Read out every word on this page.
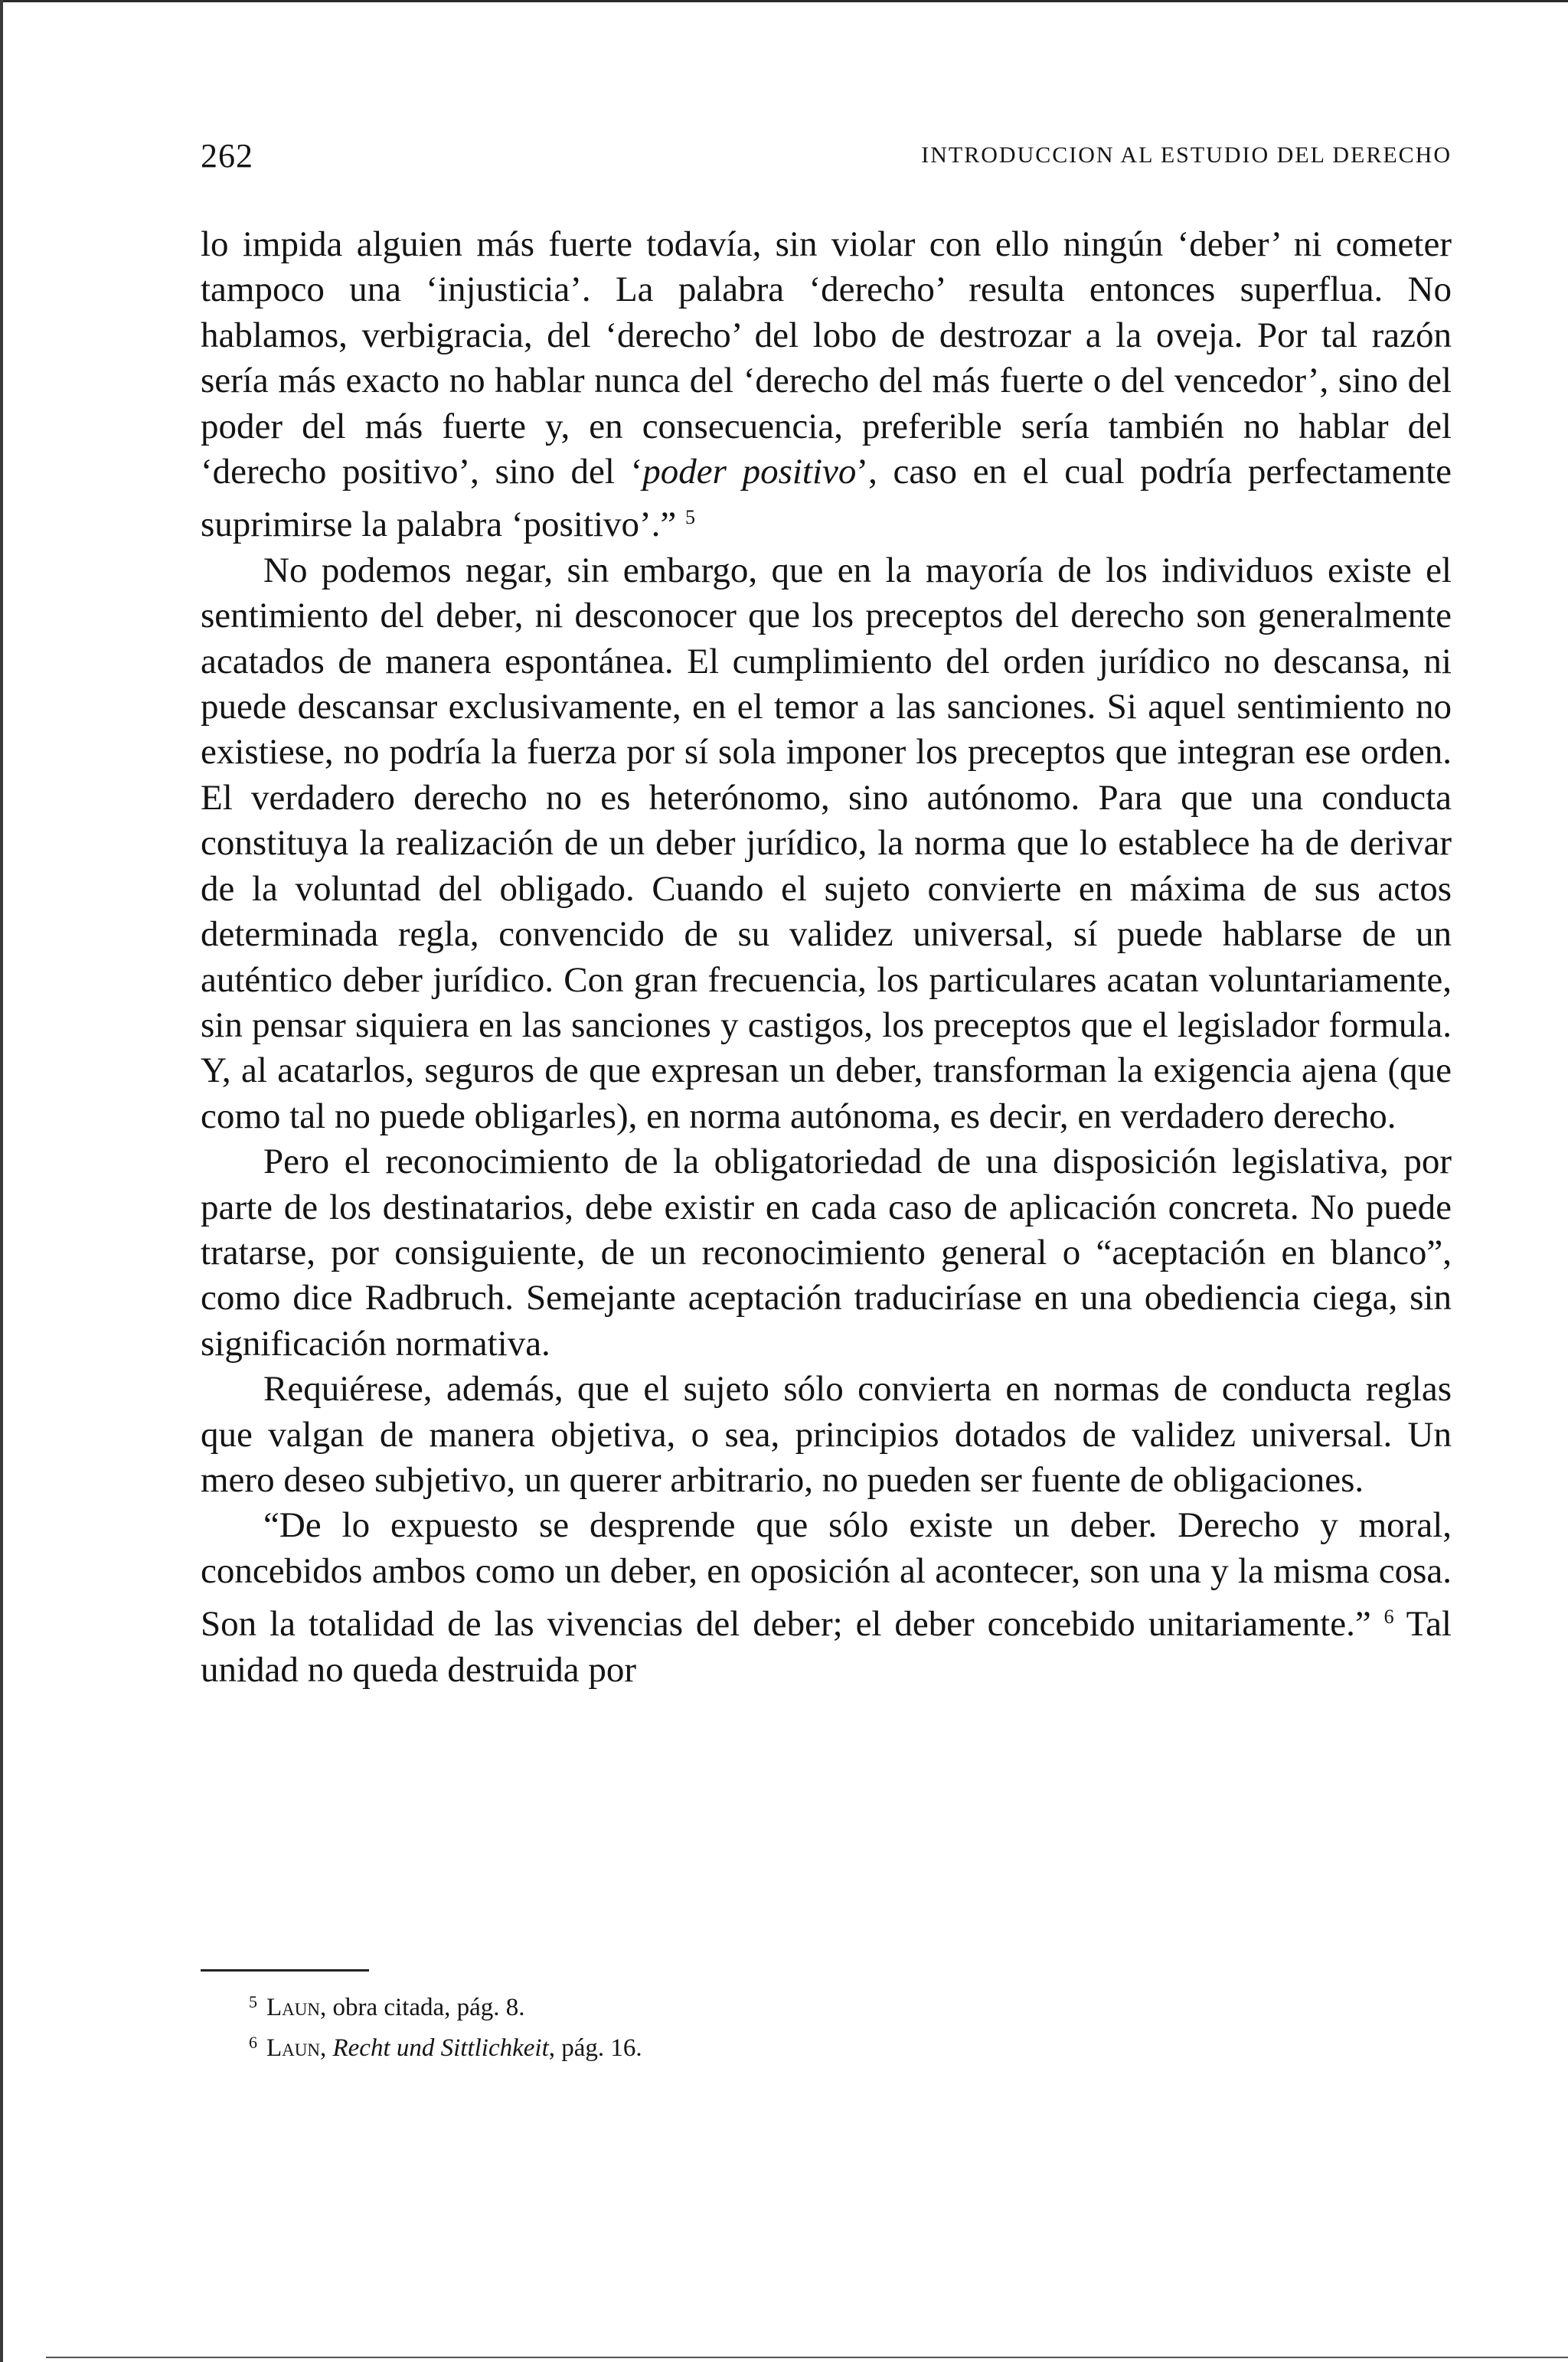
262	INTRODUCCION AL ESTUDIO DEL DERECHO

lo impida alguien más fuerte todavía, sin violar con ello ningún ‘deber’ ni cometer tampoco una ‘injusticia’. La palabra ‘derecho’ resulta entonces superflua. No hablamos, verbigracia, del ‘derecho’ del lobo de destrozar a la oveja. Por tal razón sería más exacto no hablar nunca del ‘derecho del más fuerte o del vencedor’, sino del poder del más fuerte y, en consecuencia, preferible sería también no hablar del ‘derecho positivo’, sino del ‘poder positivo’, caso en el cual podría perfectamente suprimirse la palabra ‘positivo’.” $^5$

No podemos negar, sin embargo, que en la mayoría de los individuos existe el sentimiento del deber, ni desconocer que los preceptos del derecho son generalmente acatados de manera espontánea. El cumplimiento del orden jurídico no descansa, ni puede descansar exclusivamente, en el temor a las sanciones. Si aquel sentimiento no existiese, no podría la fuerza por sí sola imponer los preceptos que integran ese orden. El verdadero derecho no es heterónomo, sino autónomo. Para que una conducta constituya la realización de un deber jurídico, la norma que lo establece ha de derivar de la voluntad del obligado. Cuando el sujeto convierte en máxima de sus actos determinada regla, convencido de su validez universal, sí puede hablarse de un auténtico deber jurídico. Con gran frecuencia, los particulares acatan voluntariamente, sin pensar siquiera en las sanciones y castigos, los preceptos que el legislador formula. Y, al acatarlos, seguros de que expresan un deber, transforman la exigencia ajena (que como tal no puede obligarles), en norma autónoma, es decir, en verdadero derecho.

Pero el reconocimiento de la obligatoriedad de una disposición legislativa, por parte de los destinatarios, debe existir en cada caso de aplicación concreta. No puede tratarse, por consiguiente, de un reconocimiento general o “aceptación en blanco”, como dice Radbruch. Semejante aceptación traduciríase en una obediencia ciega, sin significación normativa.

Requiérese, además, que el sujeto sólo convierta en normas de conducta reglas que valgan de manera objetiva, o sea, principios dotados de validez universal. Un mero deseo subjetivo, un querer arbitrario, no pueden ser fuente de obligaciones.

“De lo expuesto se desprende que sólo existe un deber. Derecho y moral, concebidos ambos como un deber, en oposición al acontecer, son una y la misma cosa. Son la totalidad de las vivencias del deber; el deber concebido unitariamente.” $^6$ Tal unidad no queda destruida por

$^5$ Laun, obra citada, pág. 8.

$^6$ Laun, Recht und Sittlichkeit, pág. 16.
